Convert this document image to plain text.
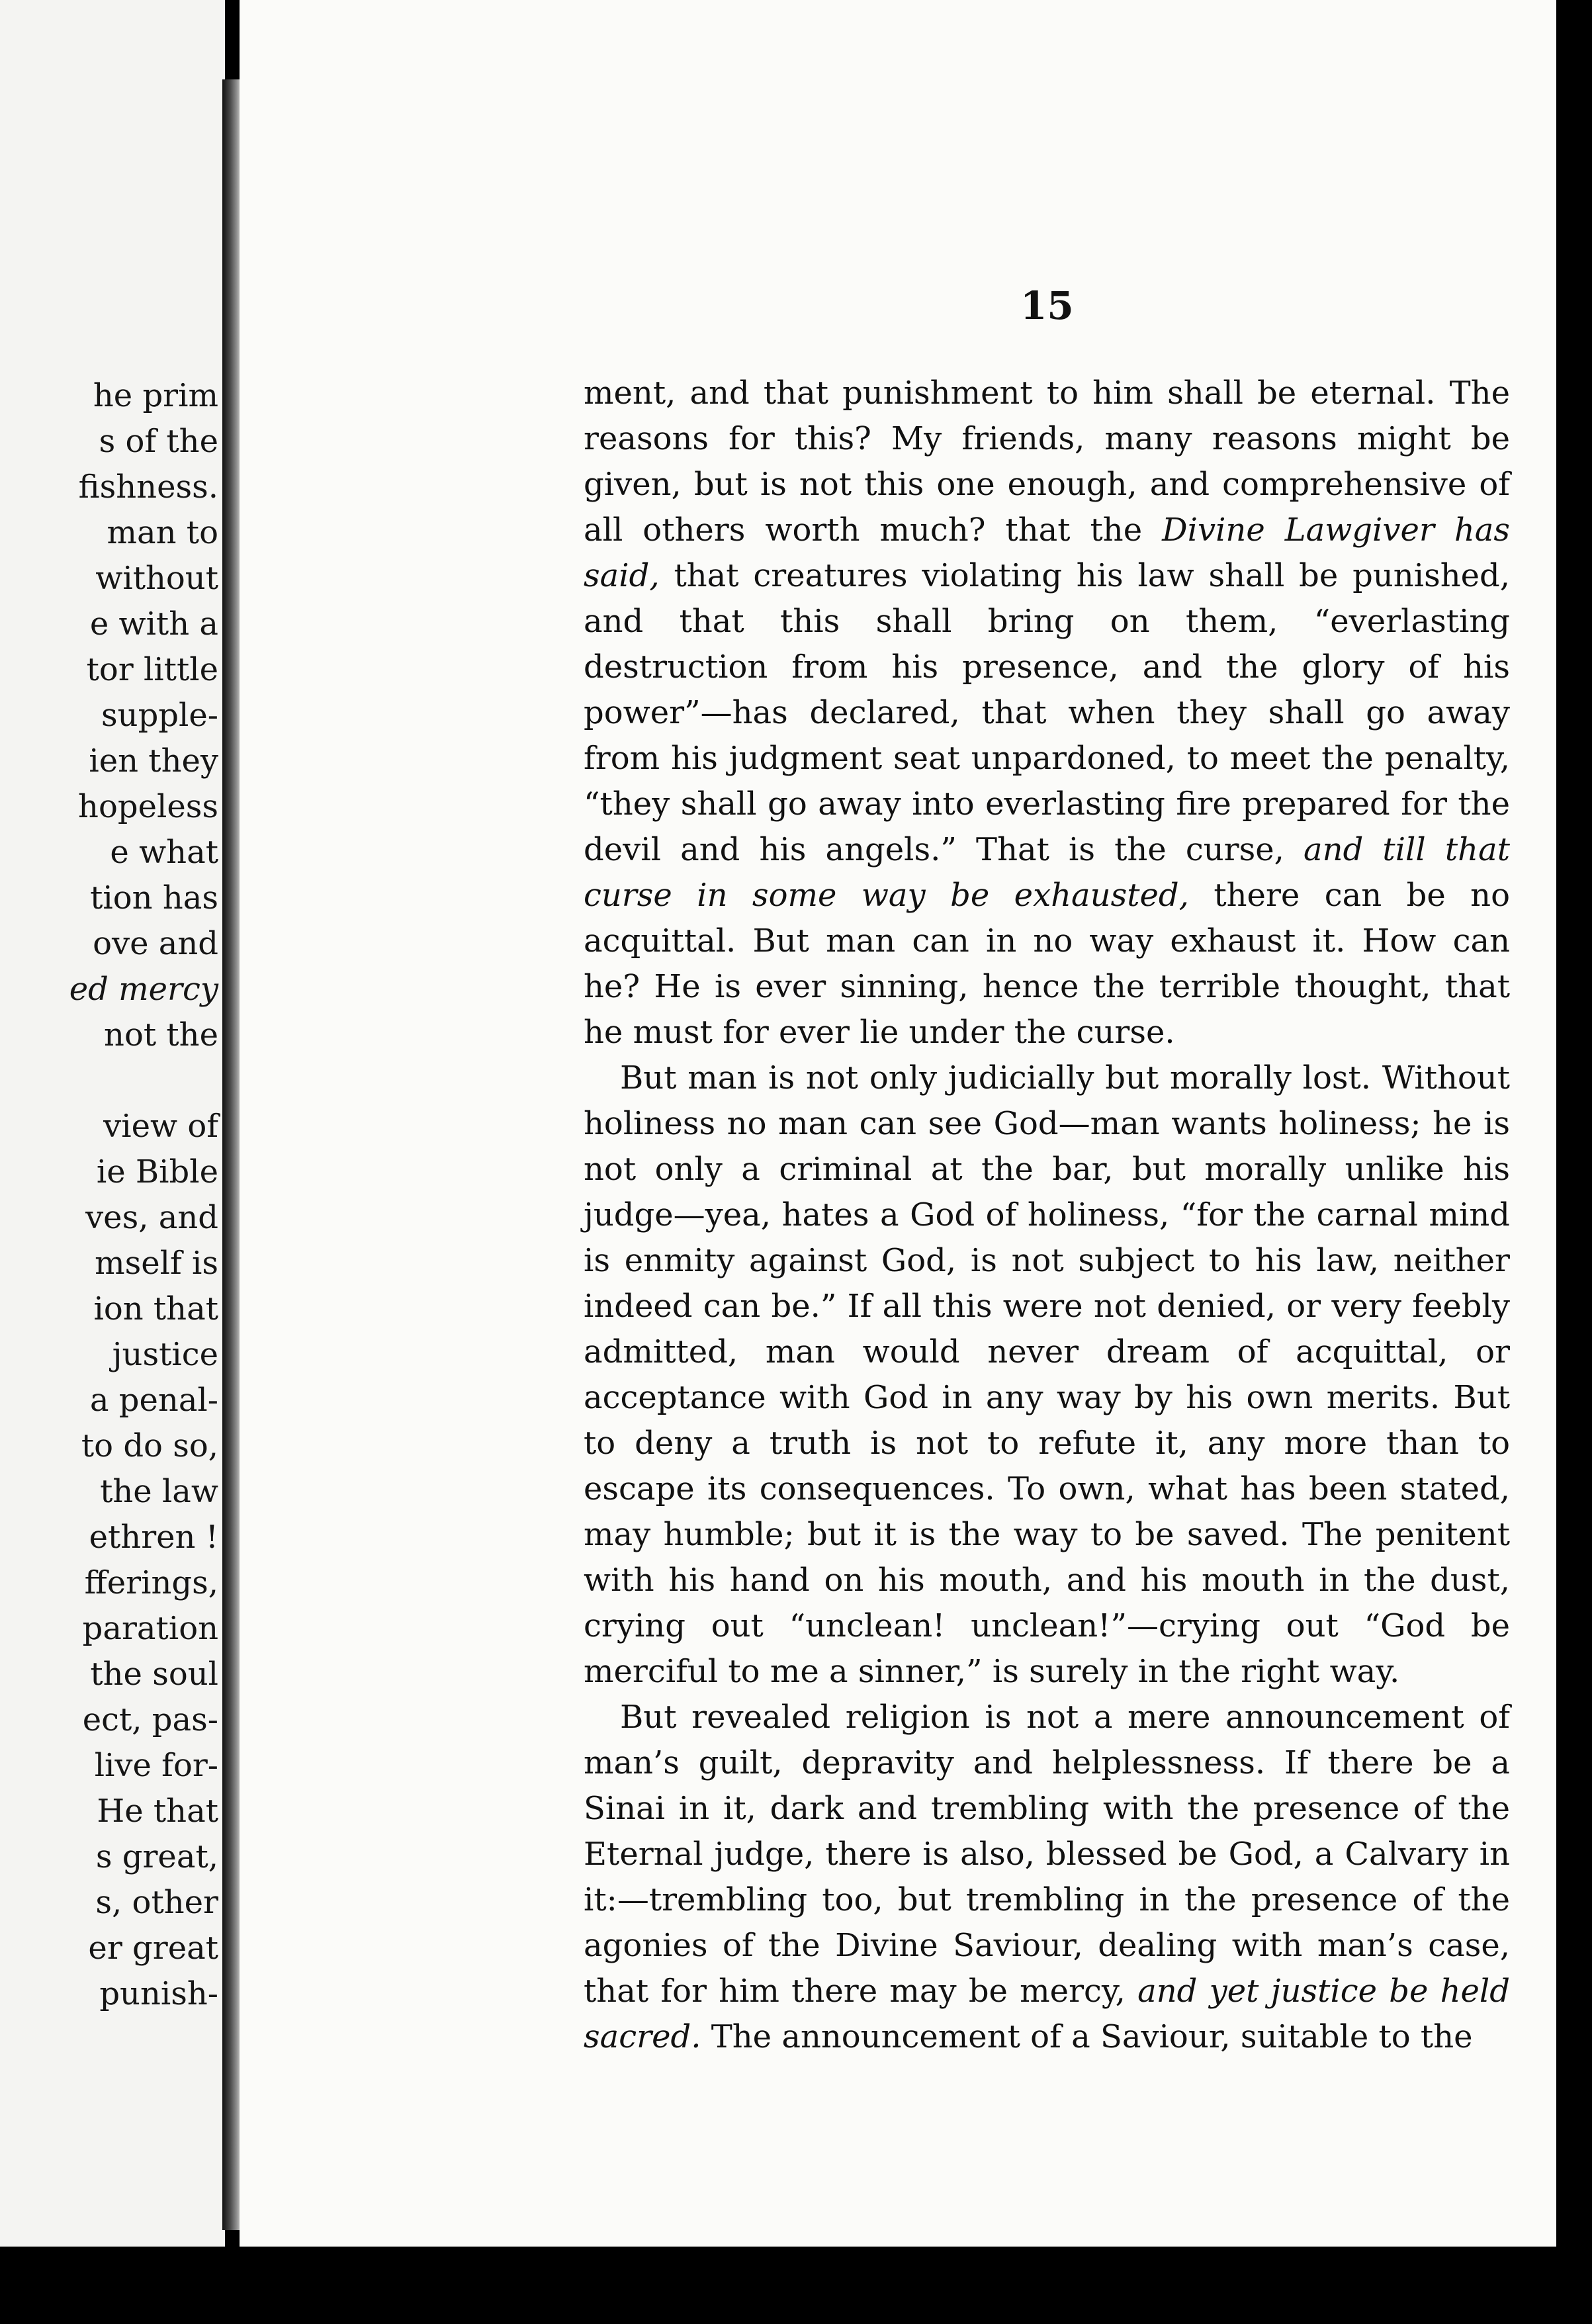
he prim
s of the
fishness.
man to
without
e with a
tor little
supple-
ien they
hopeless
e what
tion has
ove and
ed mercy
not the
view of
ie Bible
ves, and
mself is
ion that
justice
a penal-
to do so,
the law
ethren !
fferings,
paration
the soul
ect, pas-
live for-
He that
s great,
s, other
er great
punish-
15

ment, and that punishment to him shall be eternal. The reasons for this? My friends, many reasons might be given, but is not this one enough, and comprehensive of all others worth much? that the Divine Lawgiver has said, that creatures violating his law shall be punished, and that this shall bring on them, “everlasting destruction from his presence, and the glory of his power”—has declared, that when they shall go away from his judgment seat unpardoned, to meet the penalty, “they shall go away into everlasting fire prepared for the devil and his angels.” That is the curse, and till that curse in some way be exhausted, there can be no acquittal. But man can in no way exhaust it. How can he? He is ever sinning, hence the terrible thought, that he must for ever lie under the curse.

But man is not only judicially but morally lost. Without holiness no man can see God—man wants holiness; he is not only a criminal at the bar, but morally unlike his judge—yea, hates a God of holiness, “for the carnal mind is enmity against God, is not subject to his law, neither indeed can be.” If all this were not denied, or very feebly admitted, man would never dream of acquittal, or acceptance with God in any way by his own merits. But to deny a truth is not to refute it, any more than to escape its consequences. To own, what has been stated, may humble; but it is the way to be saved. The penitent with his hand on his mouth, and his mouth in the dust, crying out “unclean! unclean!”—crying out “God be merciful to me a sinner,” is surely in the right way.

But revealed religion is not a mere announcement of man’s guilt, depravity and helplessness. If there be a Sinai in it, dark and trembling with the presence of the Eternal judge, there is also, blessed be God, a Calvary in it:—trembling too, but trembling in the presence of the agonies of the Divine Saviour, dealing with man’s case, that for him there may be mercy, and yet justice be held sacred. The announcement of a Saviour, suitable to the
